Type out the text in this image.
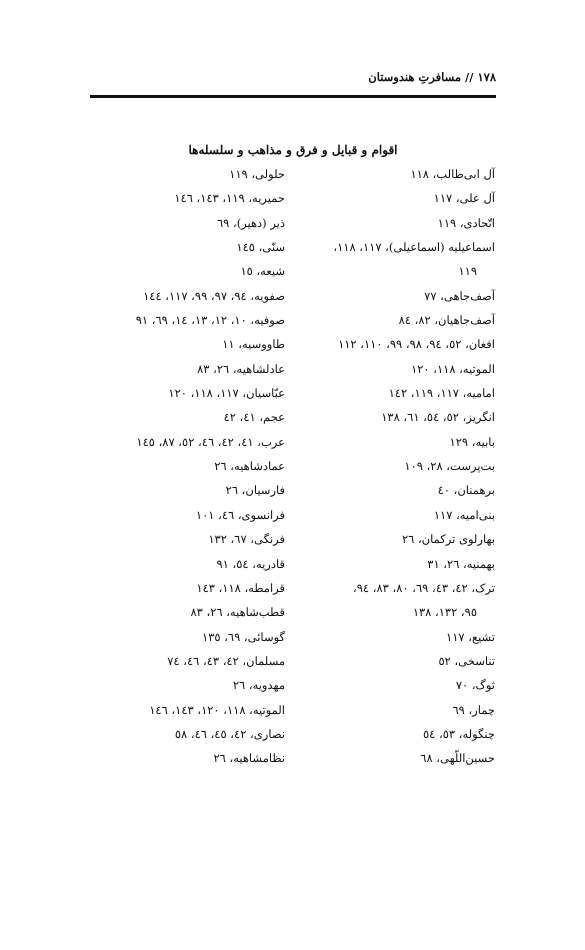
١٧٨ // مسافرتِ هندوستان
اقوام و قبایل و فرق و مذاهب و سلسله‌ها
آل ابی‌طالب، ١١٨
آل علی، ١١٧
اتّحادی، ١١٩
اسماعیلیه (اسماعیلی)، ١١٧، ١١٨،
١١٩
آصف‌جاهی، ٧٧
آصف‌جاهیان، ٨٢، ٨٤
افغان، ٥٢، ٩٤، ٩٨، ٩٩، ١١٠، ١١٢
الموتیه، ١١٨، ١٢٠
امامیه، ١١٧، ١١٩، ١٤٢
انگریز، ٥٢، ٥٤، ٦١، ١٣٨
بابیه، ١٢٩
بت‌پرست، ٢٨، ١٠٩
برهمنان، ٤٠
بنی‌امیه، ١١٧
بهارلوی ترکمان، ٢٦
بهمنیه، ٢٦، ٣١
ترک، ٤٢، ٤٣، ٦٩، ٨٠، ٨٣، ٩٤،
٩٥، ١٣٢، ١٣٨
تشیع، ١١٧
تناسخی، ٥٢
ثوگ، ٧٠
چمار، ٦٩
چنگوله، ٥٣، ٥٤
حسین‌اللّهی، ٦٨
حلولی، ١١٩
حمیریه، ١١٩، ١٤٣، ١٤٦
ذیر (دهیر)، ٦٩
سنّی، ١٤٥
شیعه، ١٥
صفویه، ٩٤، ٩٧، ٩٩، ١١٧، ١٤٤
صوفیه، ١٠، ١٢، ١٣، ١٤، ٦٩، ٩١
طاووسیه، ١١
عادلشاهیه، ٢٦، ٨٣
عبّاسیان، ١١٧، ١١٨، ١٢٠
عجم، ٤١، ٤٢
عرب، ٤١، ٤٢، ٤٦، ٥٢، ٨٧، ١٤٥
عمادشاهیه، ٢٦
فارسیان، ٢٦
فرانسوی، ٤٦، ١٠١
فرنگی، ٦٧، ١٣٢
قادریه، ٥٤، ٩١
قرامطه، ١١٨، ١٤٣
قطب‌شاهیه، ٢٦، ٨٣
گوسائی، ٦٩، ١٣٥
مسلمان، ٤٢، ٤٣، ٤٦، ٧٤
مهدویه، ٢٦
الموتیه، ١١٨، ١٢٠، ١٤٣، ١٤٦
نصاری، ٤٢، ٤٥، ٤٦، ٥٨
نظامشاهیه، ٢٦
